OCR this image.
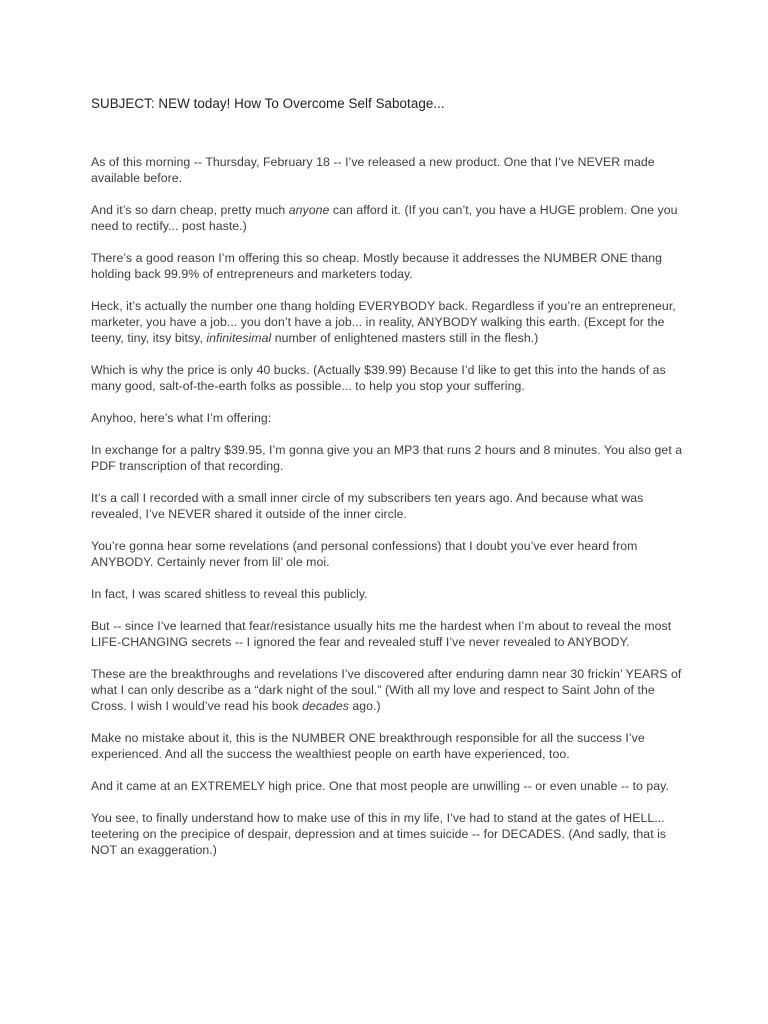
SUBJECT: NEW today! How To Overcome Self Sabotage...

As of this morning -- Thursday, February 18 -- I’ve released a new product. One that I’ve NEVER made available before.

And it’s so darn cheap, pretty much anyone can afford it. (If you can’t, you have a HUGE problem. One you need to rectify... post haste.)

There’s a good reason I’m offering this so cheap. Mostly because it addresses the NUMBER ONE thang holding back 99.9% of entrepreneurs and marketers today.

Heck, it’s actually the number one thang holding EVERYBODY back. Regardless if you’re an entrepreneur, marketer, you have a job... you don’t have a job... in reality, ANYBODY walking this earth. (Except for the teeny, tiny, itsy bitsy, infinitesimal number of enlightened masters still in the flesh.)

Which is why the price is only 40 bucks. (Actually $39.99) Because I’d like to get this into the hands of as many good, salt-of-the-earth folks as possible... to help you stop your suffering.

Anyhoo, here’s what I’m offering:

In exchange for a paltry $39.95, I’m gonna give you an MP3 that runs 2 hours and 8 minutes. You also get a PDF transcription of that recording.

It’s a call I recorded with a small inner circle of my subscribers ten years ago. And because what was revealed, I’ve NEVER shared it outside of the inner circle.

You’re gonna hear some revelations (and personal confessions) that I doubt you’ve ever heard from ANYBODY. Certainly never from lil’ ole moi.

In fact, I was scared shitless to reveal this publicly.

But -- since I’ve learned that fear/resistance usually hits me the hardest when I’m about to reveal the most LIFE-CHANGING secrets -- I ignored the fear and revealed stuff I’ve never revealed to ANYBODY.

These are the breakthroughs and revelations I’ve discovered after enduring damn near 30 frickin’ YEARS of what I can only describe as a “dark night of the soul.” (With all my love and respect to Saint John of the Cross. I wish I would’ve read his book decades ago.)

Make no mistake about it, this is the NUMBER ONE breakthrough responsible for all the success I’ve experienced. And all the success the wealthiest people on earth have experienced, too.

And it came at an EXTREMELY high price. One that most people are unwilling -- or even unable -- to pay.

You see, to finally understand how to make use of this in my life, I’ve had to stand at the gates of HELL... teetering on the precipice of despair, depression and at times suicide -- for DECADES. (And sadly, that is NOT an exaggeration.)
